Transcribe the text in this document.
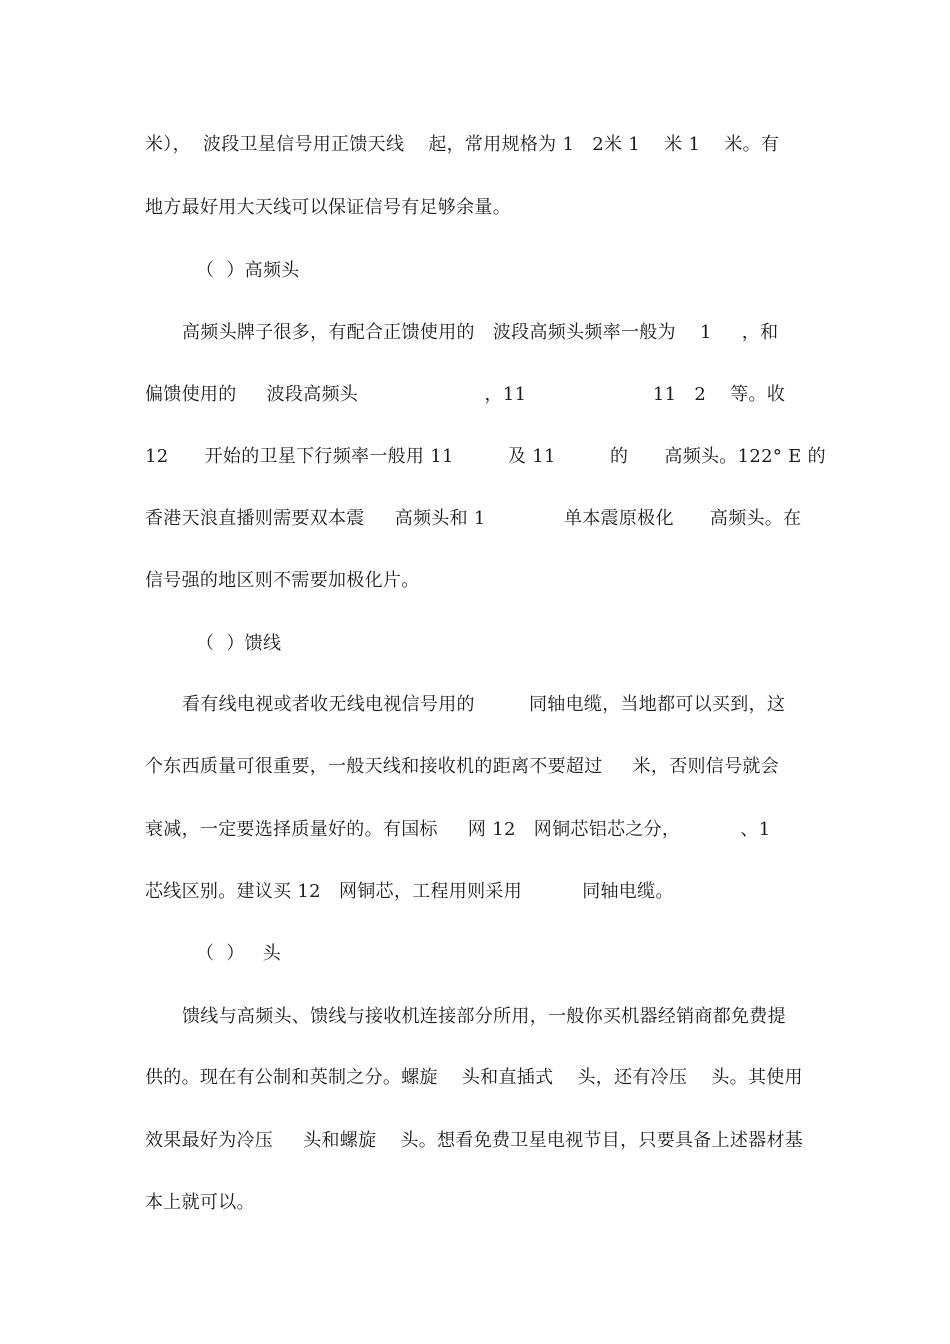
米），  波段卫星信号用正馈天线    起，常用规格为 1   2米 1    米 1    米。有
地方最好用大天线可以保证信号有足够余量。
（  ）高频头
高频头牌子很多，有配合正馈使用的   波段高频头频率一般为    1     ，和
偏馈使用的     波段高频头                     ，11                     11   2    等。收
12      开始的卫星下行频率一般用 11         及 11         的      高频头。122° E 的
香港天浪直播则需要双本震     高频头和 1             单本震原极化      高频头。在
信号强的地区则不需要加极化片。
（  ）馈线
看有线电视或者收无线电视信号用的         同轴电缆，当地都可以买到，这
个东西质量可很重要，一般天线和接收机的距离不要超过     米，否则信号就会
衰减，一定要选择质量好的。有国标     网 12   网铜芯铝芯之分，          、1
芯线区别。建议买 12   网铜芯，工程用则采用          同轴电缆。
（  ）   头
馈线与高频头、馈线与接收机连接部分所用，一般你买机器经销商都免费提
供的。现在有公制和英制之分。螺旋    头和直插式    头，还有冷压    头。其使用
效果最好为冷压     头和螺旋    头。想看免费卫星电视节目，只要具备上述器材基
本上就可以。
